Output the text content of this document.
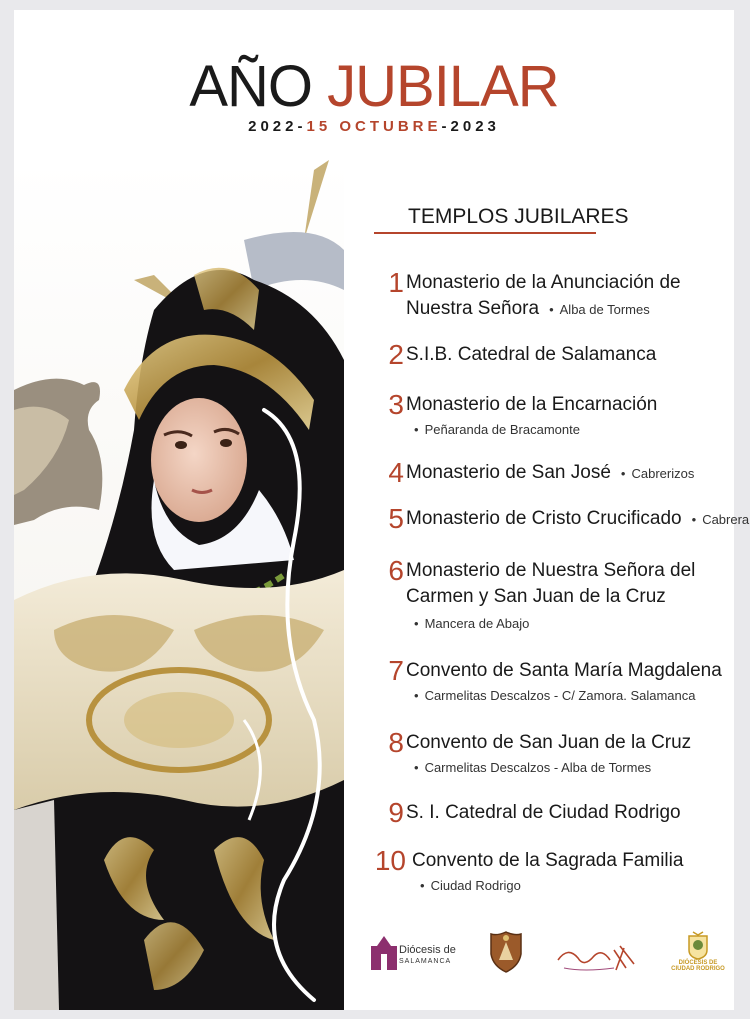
AÑO JUBILAR
2022-15 OCTUBRE-2023
TEMPLOS JUBILARES
1 Monasterio de la Anunciación de
Nuestra Señora • Alba de Tormes
2 S.I.B. Catedral de Salamanca
3 Monasterio de la Encarnación
• Peñaranda de Bracamonte
4 Monasterio de San José • Cabrerizos
5 Monasterio de Cristo Crucificado • Cabrera
6 Monasterio de Nuestra Señora del
Carmen y San Juan de la Cruz
• Mancera de Abajo
7 Convento de Santa María Magdalena
• Carmelitas Descalzos - C/ Zamora. Salamanca
8 Convento de San Juan de la Cruz
• Carmelitas Descalzos - Alba de Tormes
9 S. I. Catedral de Ciudad Rodrigo
10 Convento de la Sagrada Familia
• Ciudad Rodrigo
Diócesis de
SALAMANCA	DIÓCESIS DE
CIUDAD RODRIGO
